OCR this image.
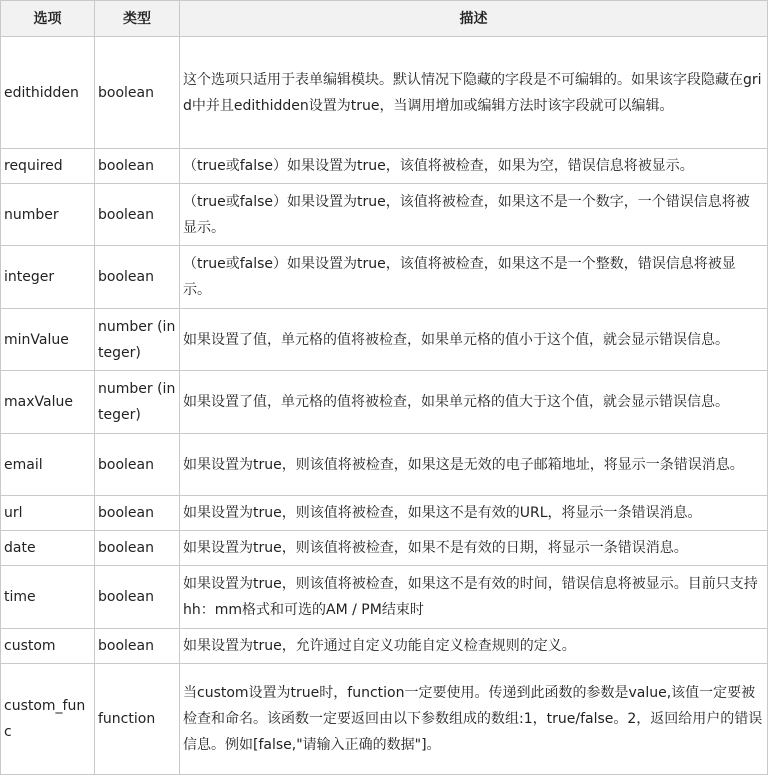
选项	类型	描述
edithidden	boolean	这个选项只适用于表单编辑模块。默认情况下隐藏的字段是不可编辑的。如果该字段隐藏在grid中并且edithidden设置为true，当调用增加或编辑方法时该字段就可以编辑。
required	boolean	（true或false）如果设置为true，该值将被检查，如果为空，错误信息将被显示。
number	boolean	（true或false）如果设置为true，该值将被检查，如果这不是一个数字，一个错误信息将被显示。
integer	boolean	（true或false）如果设置为true，该值将被检查，如果这不是一个整数，错误信息将被显示。
minValue	number (integer)	如果设置了值，单元格的值将被检查，如果单元格的值小于这个值，就会显示错误信息。
maxValue	number (integer)	如果设置了值，单元格的值将被检查，如果单元格的值大于这个值，就会显示错误信息。
email	boolean	如果设置为true，则该值将被检查，如果这是无效的电子邮箱地址，将显示一条错误消息。
url	boolean	如果设置为true，则该值将被检查，如果这不是有效的URL，将显示一条错误消息。
date	boolean	如果设置为true，则该值将被检查，如果不是有效的日期，将显示一条错误消息。
time	boolean	如果设置为true，则该值将被检查，如果这不是有效的时间，错误信息将被显示。目前只支持hh：mm格式和可选的AM / PM结束时
custom	boolean	如果设置为true，允许通过自定义功能自定义检查规则的定义。
custom_func	function	当custom设置为true时，function一定要使用。传递到此函数的参数是value,该值一定要被检查和命名。该函数一定要返回由以下参数组成的数组:1，true/false。2，返回给用户的错误信息。例如[false,"请输入正确的数据"]。
